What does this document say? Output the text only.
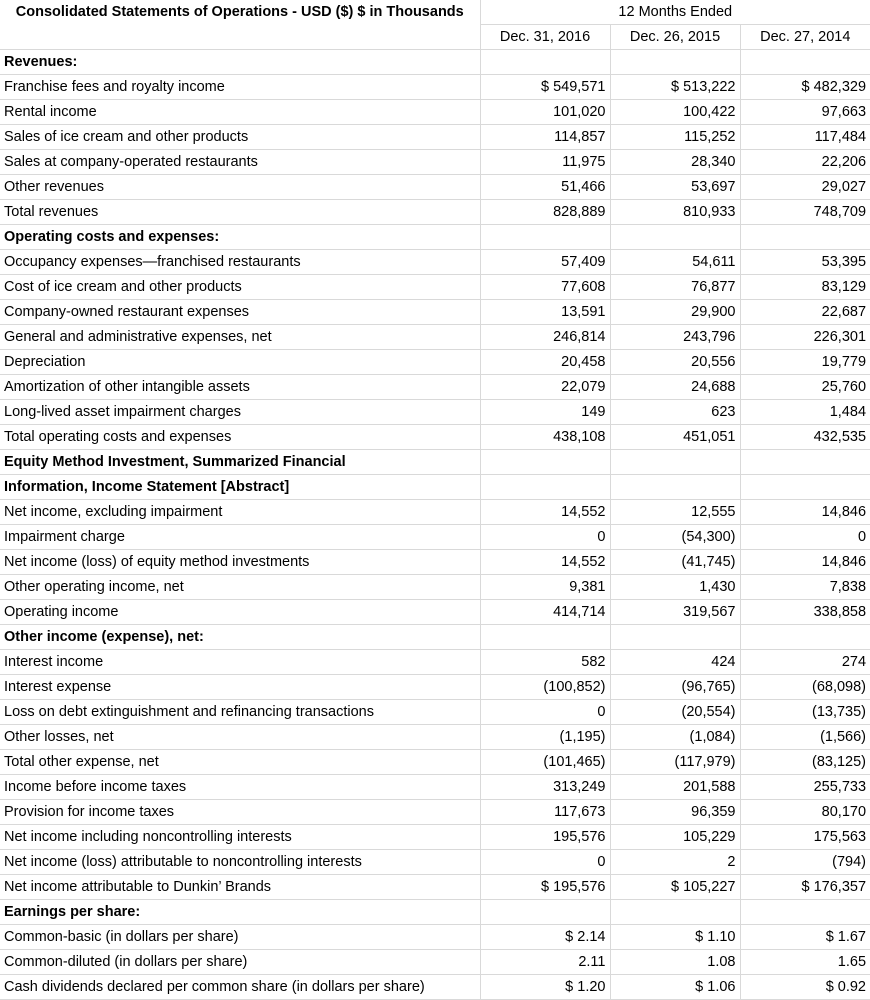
Consolidated Statements of Operations - USD ($) $ in Thousands	12 Months Ended		
	Dec. 31, 2016	Dec. 26, 2015	Dec. 27, 2014
Revenues:			
Franchise fees and royalty income	$ 549,571	$ 513,222	$ 482,329
Rental income	101,020	100,422	97,663
Sales of ice cream and other products	114,857	115,252	117,484
Sales at company-operated restaurants	11,975	28,340	22,206
Other revenues	51,466	53,697	29,027
Total revenues	828,889	810,933	748,709
Operating costs and expenses:			
Occupancy expenses—franchised restaurants	57,409	54,611	53,395
Cost of ice cream and other products	77,608	76,877	83,129
Company-owned restaurant expenses	13,591	29,900	22,687
General and administrative expenses, net	246,814	243,796	226,301
Depreciation	20,458	20,556	19,779
Amortization of other intangible assets	22,079	24,688	25,760
Long-lived asset impairment charges	149	623	1,484
Total operating costs and expenses	438,108	451,051	432,535
Equity Method Investment, Summarized Financial			
Information, Income Statement [Abstract]			
Net income, excluding impairment	14,552	12,555	14,846
Impairment charge	0	(54,300)	0
Net income (loss) of equity method investments	14,552	(41,745)	14,846
Other operating income, net	9,381	1,430	7,838
Operating income	414,714	319,567	338,858
Other income (expense), net:			
Interest income	582	424	274
Interest expense	(100,852)	(96,765)	(68,098)
Loss on debt extinguishment and refinancing transactions	0	(20,554)	(13,735)
Other losses, net	(1,195)	(1,084)	(1,566)
Total other expense, net	(101,465)	(117,979)	(83,125)
Income before income taxes	313,249	201,588	255,733
Provision for income taxes	117,673	96,359	80,170
Net income including noncontrolling interests	195,576	105,229	175,563
Net income (loss) attributable to noncontrolling interests	0	2	(794)
Net income attributable to Dunkin’ Brands	$ 195,576	$ 105,227	$ 176,357
Earnings per share:			
Common-basic (in dollars per share)	$ 2.14	$ 1.10	$ 1.67
Common-diluted (in dollars per share)	2.11	1.08	1.65
Cash dividends declared per common share (in dollars per share)	$ 1.20	$ 1.06	$ 0.92
